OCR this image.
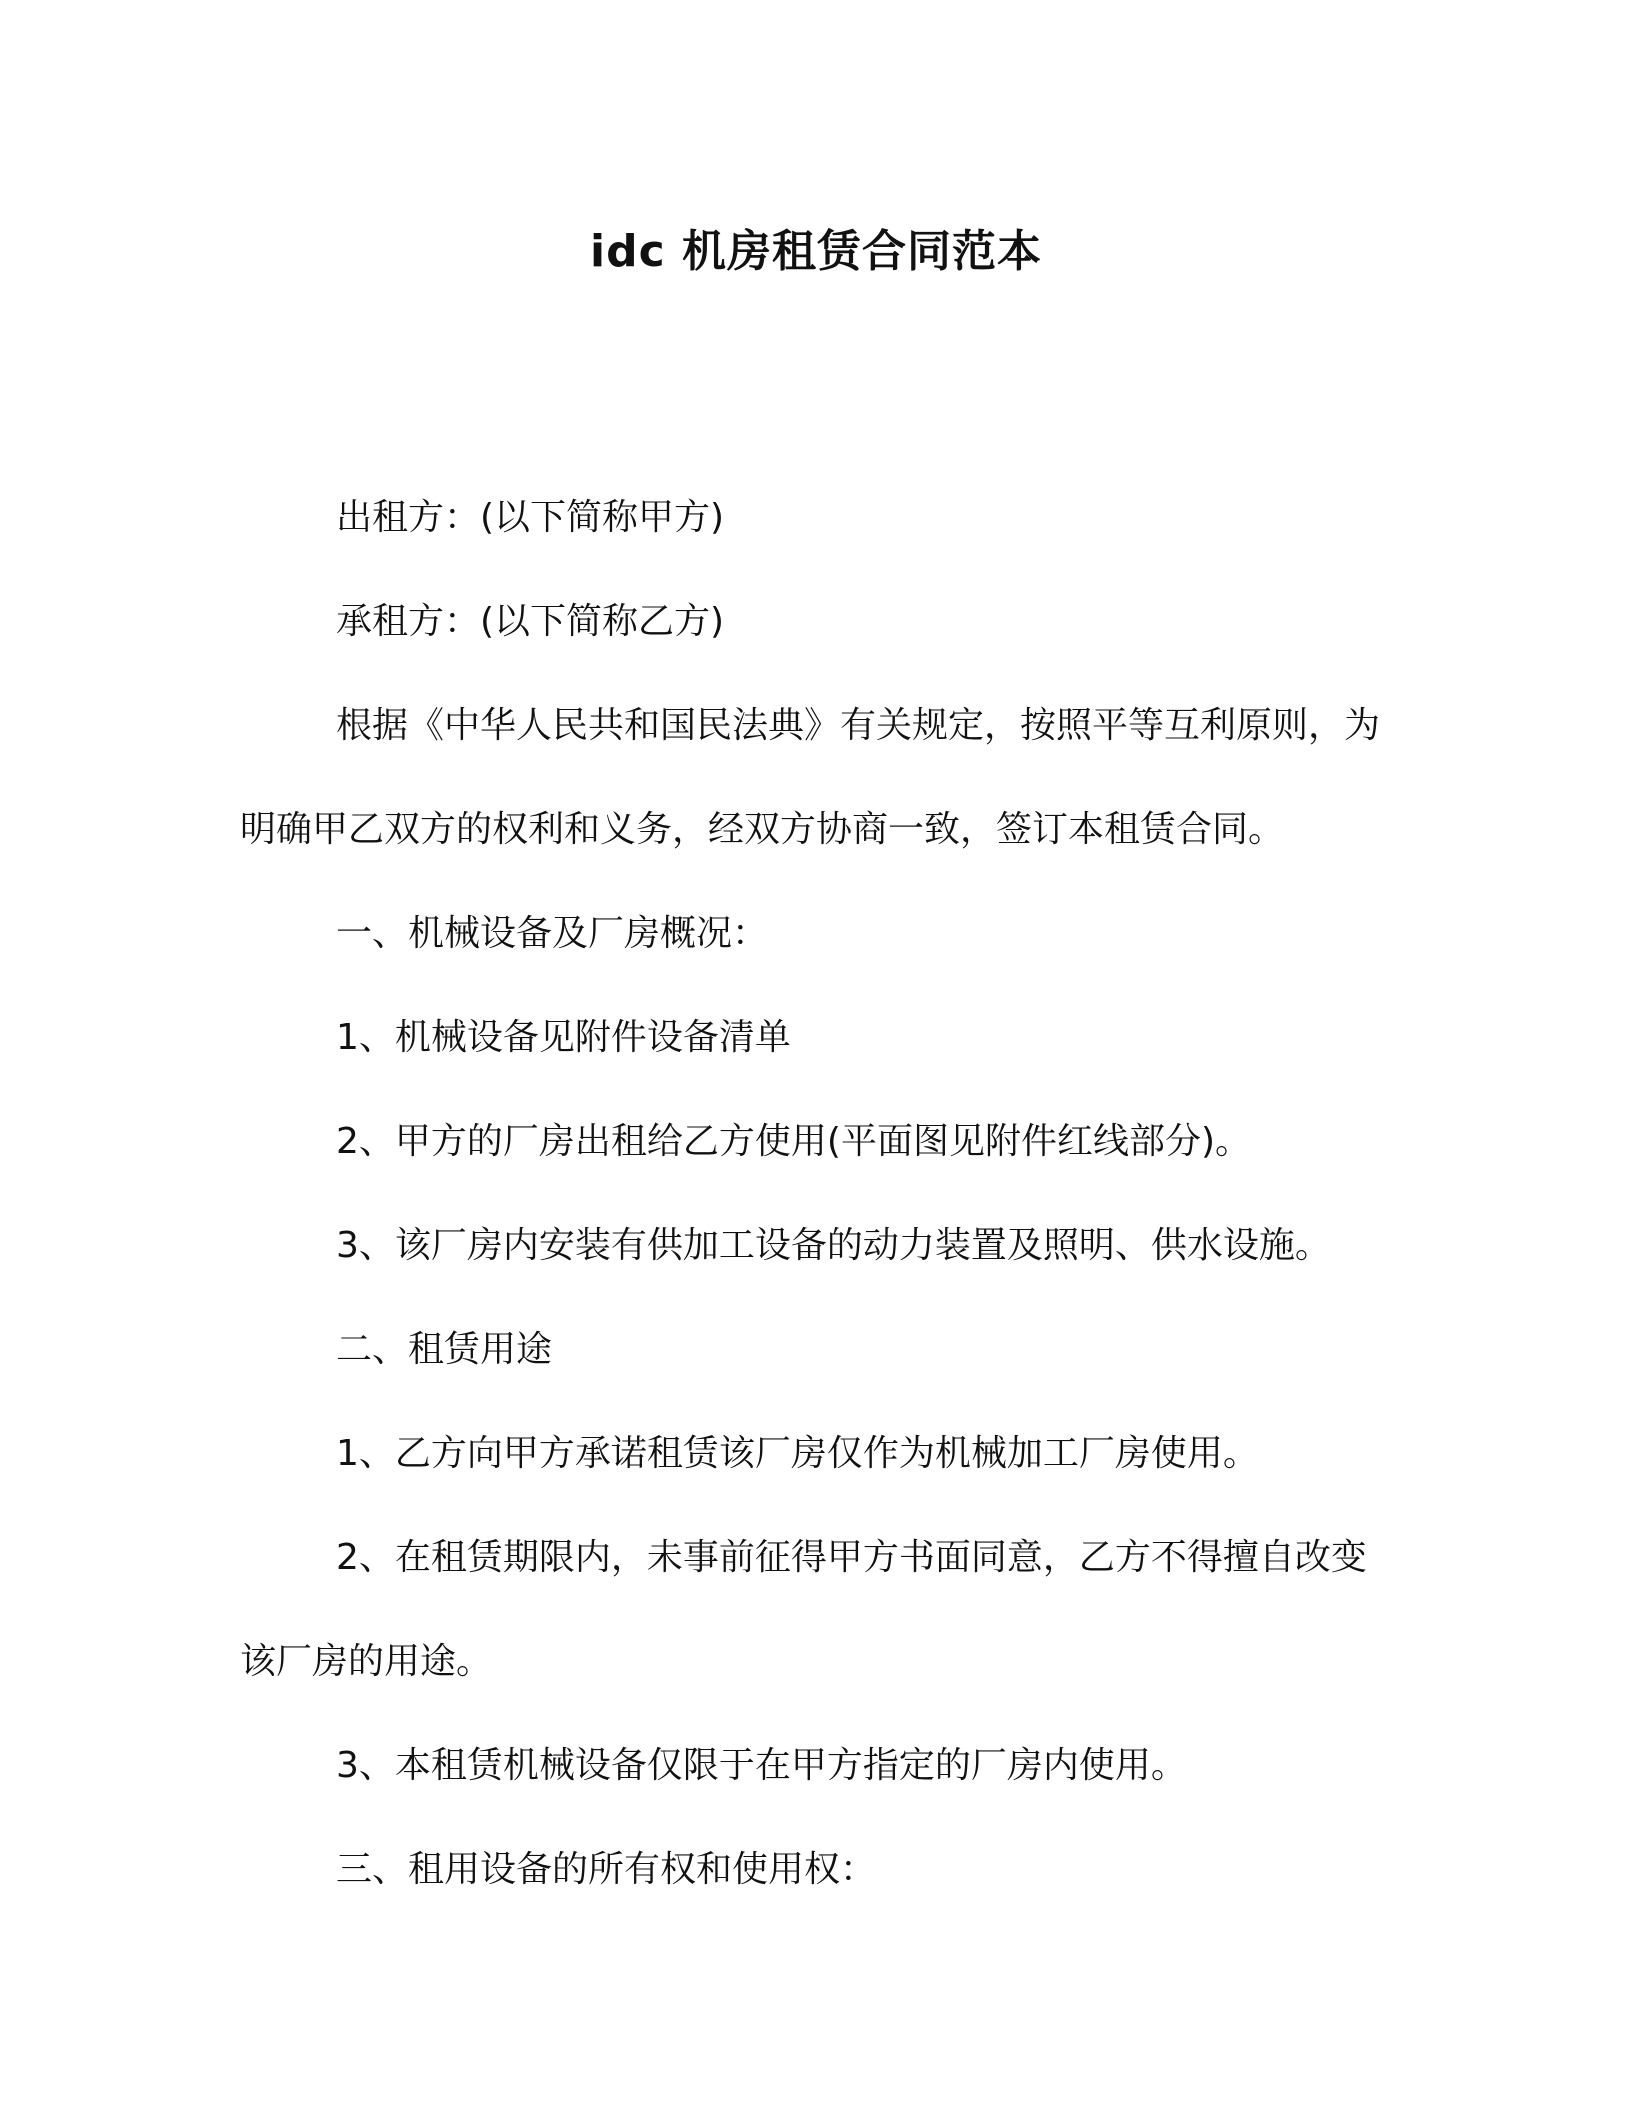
idc 机房租赁合同范本
出租方：(以下简称甲方)
承租方：(以下简称乙方)
根据《中华人民共和国民法典》有关规定，按照平等互利原则，为明确甲乙双方的权利和义务，经双方协商一致，签订本租赁合同。
一、机械设备及厂房概况：
1、机械设备见附件设备清单
2、甲方的厂房出租给乙方使用(平面图见附件红线部分)。
3、该厂房内安装有供加工设备的动力装置及照明、供水设施。
二、租赁用途
1、乙方向甲方承诺租赁该厂房仅作为机械加工厂房使用。
2、在租赁期限内，未事前征得甲方书面同意，乙方不得擅自改变该厂房的用途。
3、本租赁机械设备仅限于在甲方指定的厂房内使用。
三、租用设备的所有权和使用权：
